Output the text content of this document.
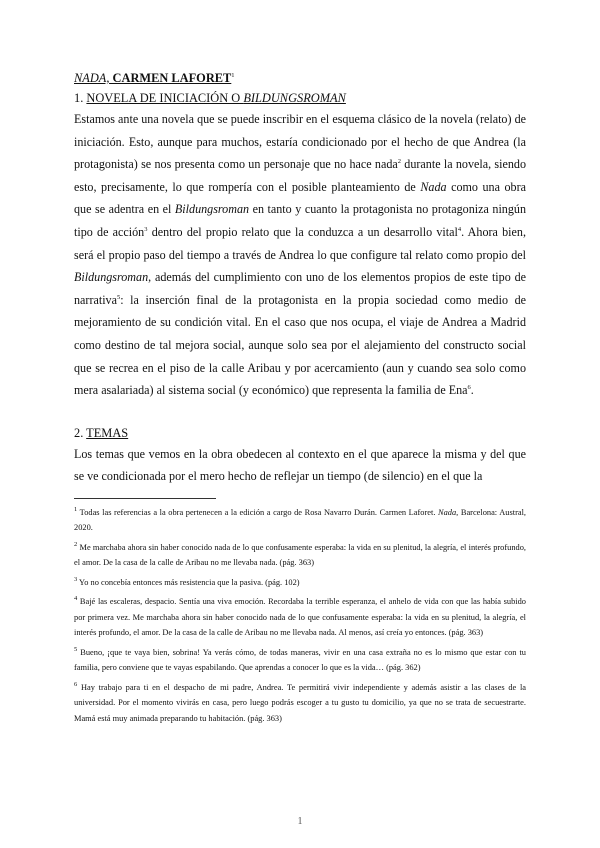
NADA, CARMEN LAFORET$^1$

1. NOVELA DE INICIACIÓN O BILDUNGSROMAN

Estamos ante una novela que se puede inscribir en el esquema clásico de la novela (relato) de iniciación. Esto, aunque para muchos, estaría condicionado por el hecho de que Andrea (la protagonista) se nos presenta como un personaje que no hace nada$^2$ durante la novela, siendo esto, precisamente, lo que rompería con el posible planteamiento de Nada como una obra que se adentra en el Bildungsroman en tanto y cuanto la protagonista no protagoniza ningún tipo de acción$^3$ dentro del propio relato que la conduzca a un desarrollo vital$^4$. Ahora bien, será el propio paso del tiempo a través de Andrea lo que configure tal relato como propio del Bildungsroman, además del cumplimiento con uno de los elementos propios de este tipo de narrativa$^5$: la inserción final de la protagonista en la propia sociedad como medio de mejoramiento de su condición vital. En el caso que nos ocupa, el viaje de Andrea a Madrid como destino de tal mejora social, aunque solo sea por el alejamiento del constructo social que se recrea en el piso de la calle Aribau y por acercamiento (aun y cuando sea solo como mera asalariada) al sistema social (y económico) que representa la familia de Ena$^6$.

2. TEMAS

Los temas que vemos en la obra obedecen al contexto en el que aparece la misma y del que se ve condicionada por el mero hecho de reflejar un tiempo (de silencio) en el que la

$^1$ Todas las referencias a la obra pertenecen a la edición a cargo de Rosa Navarro Durán. Carmen Laforet. Nada, Barcelona: Austral, 2020.

$^2$ Me marchaba ahora sin haber conocido nada de lo que confusamente esperaba: la vida en su plenitud, la alegría, el interés profundo, el amor. De la casa de la calle de Aribau no me llevaba nada. (pág. 363)

$^3$ Yo no concebía entonces más resistencia que la pasiva. (pág. 102)

$^4$ Bajé las escaleras, despacio. Sentía una viva emoción. Recordaba la terrible esperanza, el anhelo de vida con que las había subido por primera vez. Me marchaba ahora sin haber conocido nada de lo que confusamente esperaba: la vida en su plenitud, la alegría, el interés profundo, el amor. De la casa de la calle de Aribau no me llevaba nada. Al menos, así creía yo entonces. (pág. 363)

$^5$ Bueno, ¡que te vaya bien, sobrina! Ya verás cómo, de todas maneras, vivir en una casa extraña no es lo mismo que estar con tu familia, pero conviene que te vayas espabilando. Que aprendas a conocer lo que es la vida… (pág. 362)

$^6$ Hay trabajo para ti en el despacho de mi padre, Andrea. Te permitirá vivir independiente y además asistir a las clases de la universidad. Por el momento vivirás en casa, pero luego podrás escoger a tu gusto tu domicilio, ya que no se trata de secuestrarte. Mamá está muy animada preparando tu habitación. (pág. 363)

1
